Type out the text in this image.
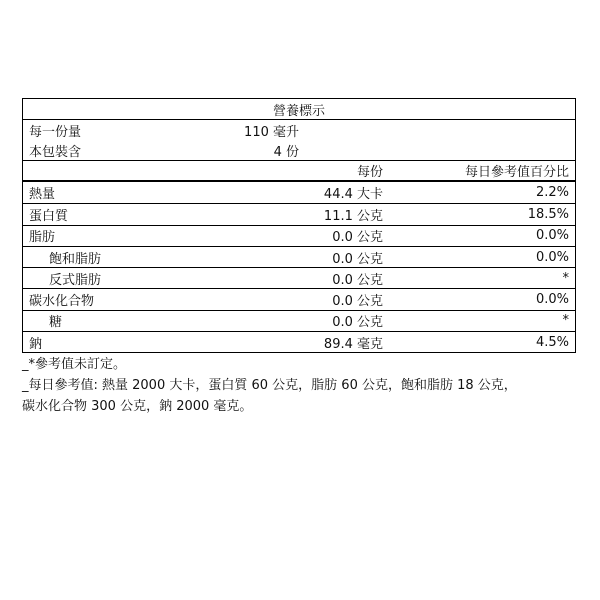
營養標示
每一份量	110 毫升
本包裝含	4 份
每份	每日參考值百分比
熱量	44.4 大卡	2.2%
蛋白質	11.1 公克	18.5%
脂肪	0.0 公克	0.0%
飽和脂肪	0.0 公克	0.0%
反式脂肪	0.0 公克	*
碳水化合物	0.0 公克	0.0%
糖	0.0 公克	*
鈉	89.4 毫克	4.5%
_*參考值未訂定。
_每日參考值: 熱量 2000 大卡，蛋白質 60 公克，脂肪 60 公克，飽和脂肪 18 公克，
碳水化合物 300 公克，鈉 2000 毫克。
